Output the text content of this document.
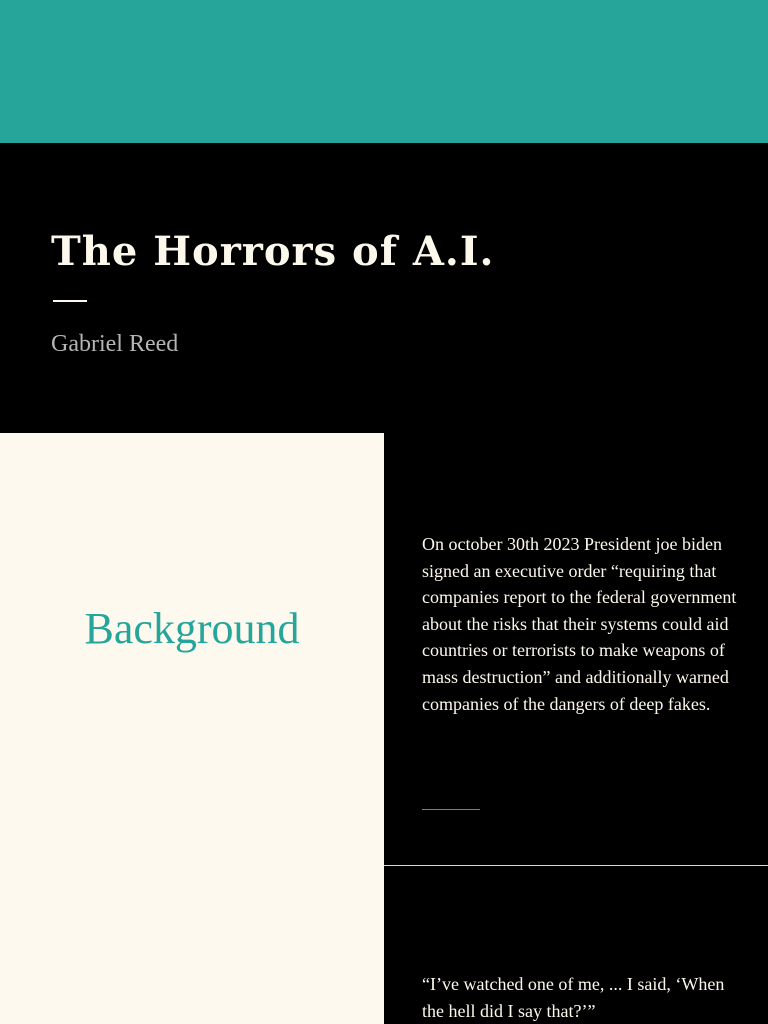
The Horrors of A.I.
Gabriel Reed
Background

On october 30th 2023 President joe biden signed an executive order “requiring that companies report to the federal government about the risks that their systems could aid countries or terrorists to make weapons of mass destruction” and additionally warned companies of the dangers of deep fakes.

“I’ve watched one of me, ... I said, ‘When the hell did I say that?’”
